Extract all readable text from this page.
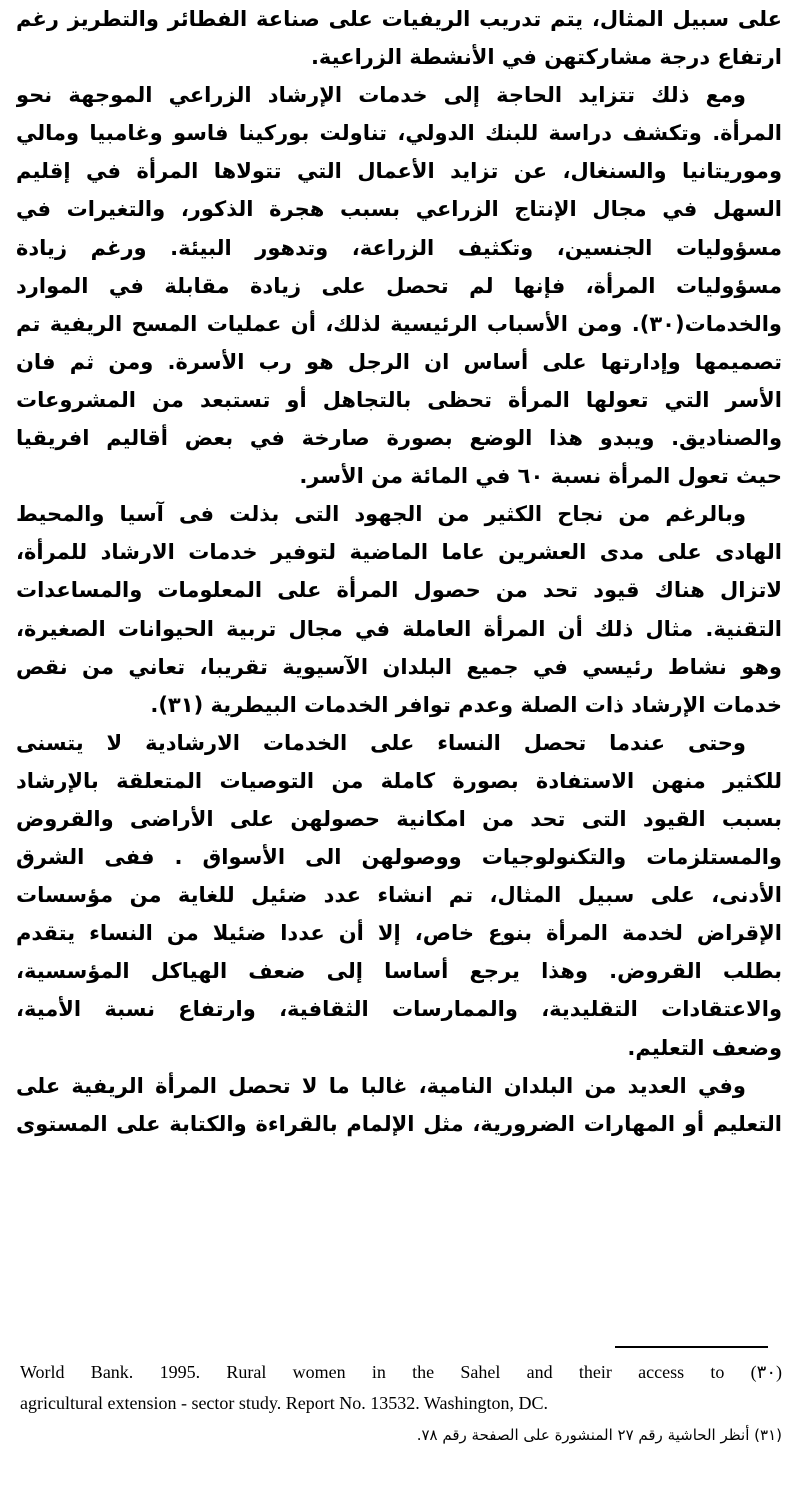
على سبيل المثال، يتم تدريب الريفيات على صناعة الفطائر والتطريز رغم
ارتفاع درجة مشاركتهن في الأنشطة الزراعية.
ومع ذلك تتزايد الحاجة إلى خدمات الإرشاد الزراعي الموجهة نحو
المرأة. وتكشف دراسة للبنك الدولي، تناولت بوركينا فاسو وغامبيا ومالي
وموريتانيا والسنغال، عن تزايد الأعمال التي تتولاها المرأة في إقليم
السهل في مجال الإنتاج الزراعي بسبب هجرة الذكور، والتغيرات في
مسؤوليات الجنسين، وتكثيف الزراعة، وتدهور البيئة. ورغم زيادة
مسؤوليات المرأة، فإنها لم تحصل على زيادة مقابلة في الموارد
والخدمات(٣٠). ومن الأسباب الرئيسية لذلك، أن عمليات المسح الريفية تم
تصميمها وإدارتها على أساس ان الرجل هو رب الأسرة. ومن ثم فان
الأسر التي تعولها المرأة تحظى بالتجاهل أو تستبعد من المشروعات
والصناديق. ويبدو هذا الوضع بصورة صارخة في بعض أقاليم افريقيا
حيث تعول المرأة نسبة ٦٠ في المائة من الأسر.
وبالرغم من نجاح الكثير من الجهود التى بذلت فى آسيا والمحيط
الهادى على مدى العشرين عاما الماضية لتوفير خدمات الارشاد للمرأة،
لاتزال هناك قيود تحد من حصول المرأة على المعلومات والمساعدات
التقنية. مثال ذلك أن المرأة العاملة في مجال تربية الحيوانات الصغيرة،
وهو نشاط رئيسي في جميع البلدان الآسيوية تقريبا، تعاني من نقص
خدمات الإرشاد ذات الصلة وعدم توافر الخدمات البيطرية (٣١).
وحتى عندما تحصل النساء على الخدمات الارشادية لا يتسنى
للكثير منهن الاستفادة بصورة كاملة من التوصيات المتعلقة بالإرشاد
بسبب القيود التى تحد من امكانية حصولهن على الأراضى والقروض
والمستلزمات والتكنولوجيات ووصولهن الى الأسواق . ففى الشرق
الأدنى، على سبيل المثال، تم انشاء عدد ضئيل للغاية من مؤسسات
الإقراض لخدمة المرأة بنوع خاص، إلا أن عددا ضئيلا من النساء يتقدم
بطلب القروض. وهذا يرجع أساسا إلى ضعف الهياكل المؤسسية،
والاعتقادات التقليدية، والممارسات الثقافية، وارتفاع نسبة الأمية،
وضعف التعليم.
وفي العديد من البلدان النامية، غالبا ما لا تحصل المرأة الريفية على
التعليم أو المهارات الضرورية، مثل الإلمام بالقراءة والكتابة على المستوى
World Bank. 1995. Rural women in the Sahel and their access to (٣٠)
agricultural extension - sector study. Report No. 13532. Washington, DC.
(٣١) أنظر الحاشية رقم ٢٧ المنشورة على الصفحة رقم ٧٨.
